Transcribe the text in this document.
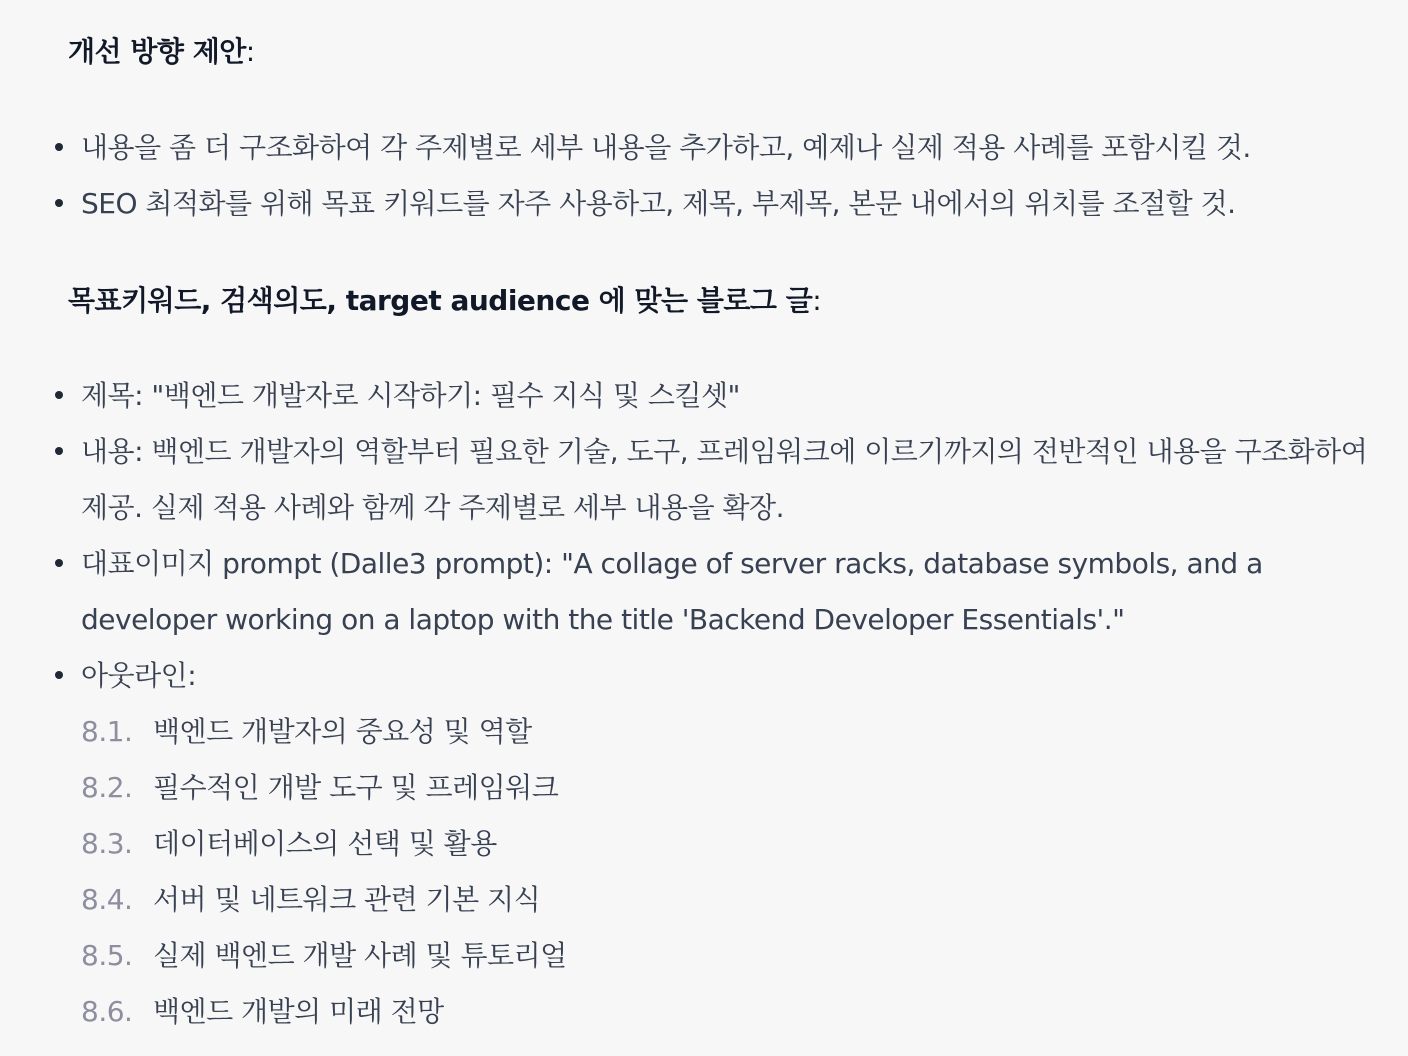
개선 방향 제안:
내용을 좀 더 구조화하여 각 주제별로 세부 내용을 추가하고, 예제나 실제 적용 사례를 포함시킬 것.
SEO 최적화를 위해 목표 키워드를 자주 사용하고, 제목, 부제목, 본문 내에서의 위치를 조절할 것.
목표키워드, 검색의도, target audience 에 맞는 블로그 글:
제목: "백엔드 개발자로 시작하기: 필수 지식 및 스킬셋"
내용: 백엔드 개발자의 역할부터 필요한 기술, 도구, 프레임워크에 이르기까지의 전반적인 내용을 구조화하여 제공. 실제 적용 사례와 함께 각 주제별로 세부 내용을 확장.
대표이미지 prompt (Dalle3 prompt): "A collage of server racks, database symbols, and a developer working on a laptop with the title 'Backend Developer Essentials'."
아웃라인:
8.1. 백엔드 개발자의 중요성 및 역할
8.2. 필수적인 개발 도구 및 프레임워크
8.3. 데이터베이스의 선택 및 활용
8.4. 서버 및 네트워크 관련 기본 지식
8.5. 실제 백엔드 개발 사례 및 튜토리얼
8.6. 백엔드 개발의 미래 전망
